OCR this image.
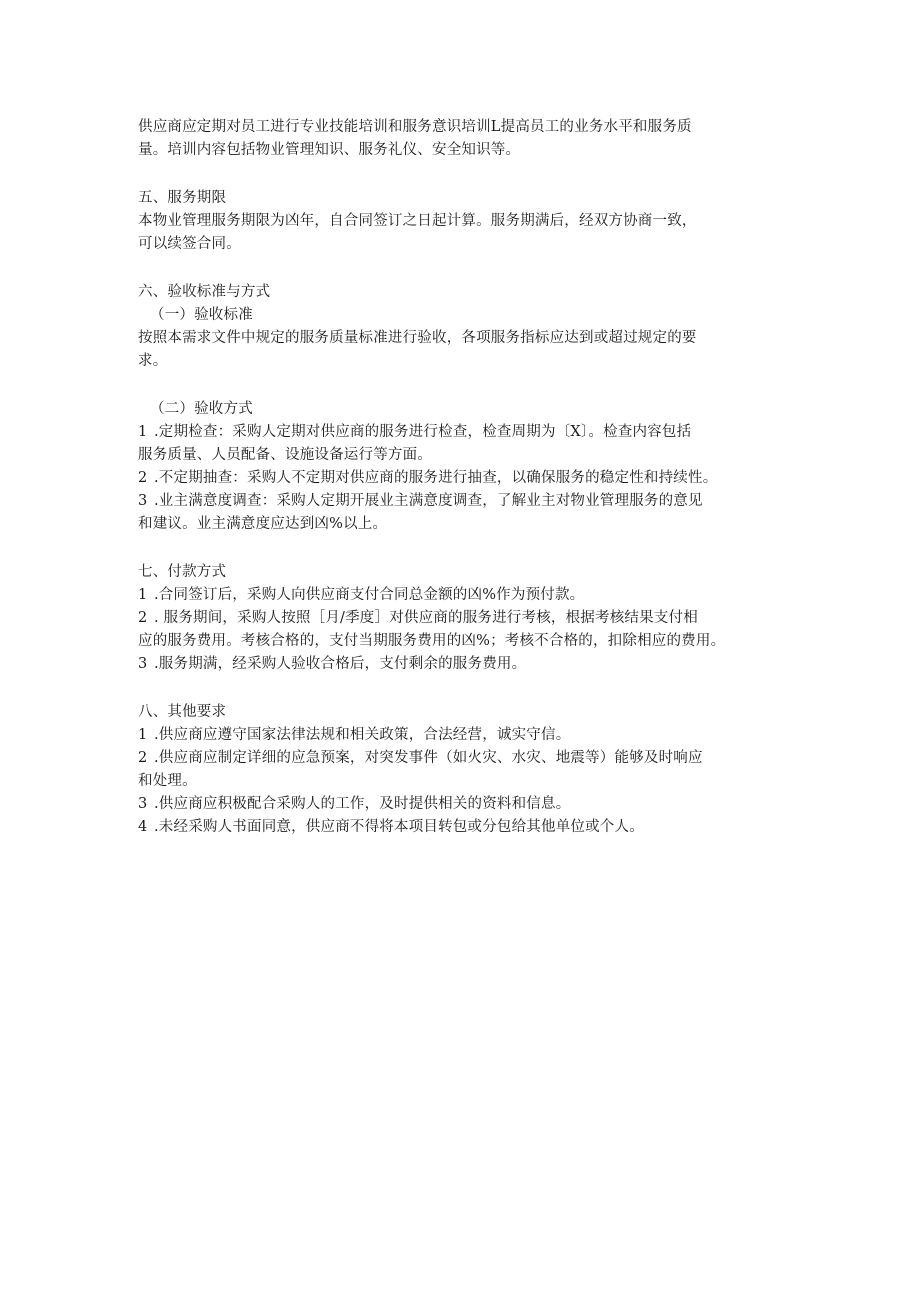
供应商应定期对员工进行专业技能培训和服务意识培训L提高员工的业务水平和服务质
量。培训内容包括物业管理知识、服务礼仪、安全知识等。
五、服务期限
本物业管理服务期限为凶年，自合同签订之日起计算。服务期满后，经双方协商一致，
可以续签合同。
六、验收标准与方式
（一）验收标准
按照本需求文件中规定的服务质量标准进行验收，各项服务指标应达到或超过规定的要
求。
（二）验收方式
1 .定期检查：采购人定期对供应商的服务进行检查，检查周期为〔X〕。检查内容包括
服务质量、人员配备、设施设备运行等方面。
2 .不定期抽查：采购人不定期对供应商的服务进行抽查，以确保服务的稳定性和持续性。
3 .业主满意度调查：采购人定期开展业主满意度调查，了解业主对物业管理服务的意见
和建议。业主满意度应达到凶%以上。
七、付款方式
1 .合同签订后，采购人向供应商支付合同总金额的凶%作为预付款。
2 . 服务期间，采购人按照［月/季度］对供应商的服务进行考核，根据考核结果支付相
应的服务费用。考核合格的，支付当期服务费用的凶%；考核不合格的，扣除相应的费用。
3 .服务期满，经采购人验收合格后，支付剩余的服务费用。
八、其他要求
1 .供应商应遵守国家法律法规和相关政策，合法经营，诚实守信。
2 .供应商应制定详细的应急预案，对突发事件（如火灾、水灾、地震等）能够及时响应
和处理。
3 .供应商应积极配合采购人的工作，及时提供相关的资料和信息。
4 .未经采购人书面同意，供应商不得将本项目转包或分包给其他单位或个人。
